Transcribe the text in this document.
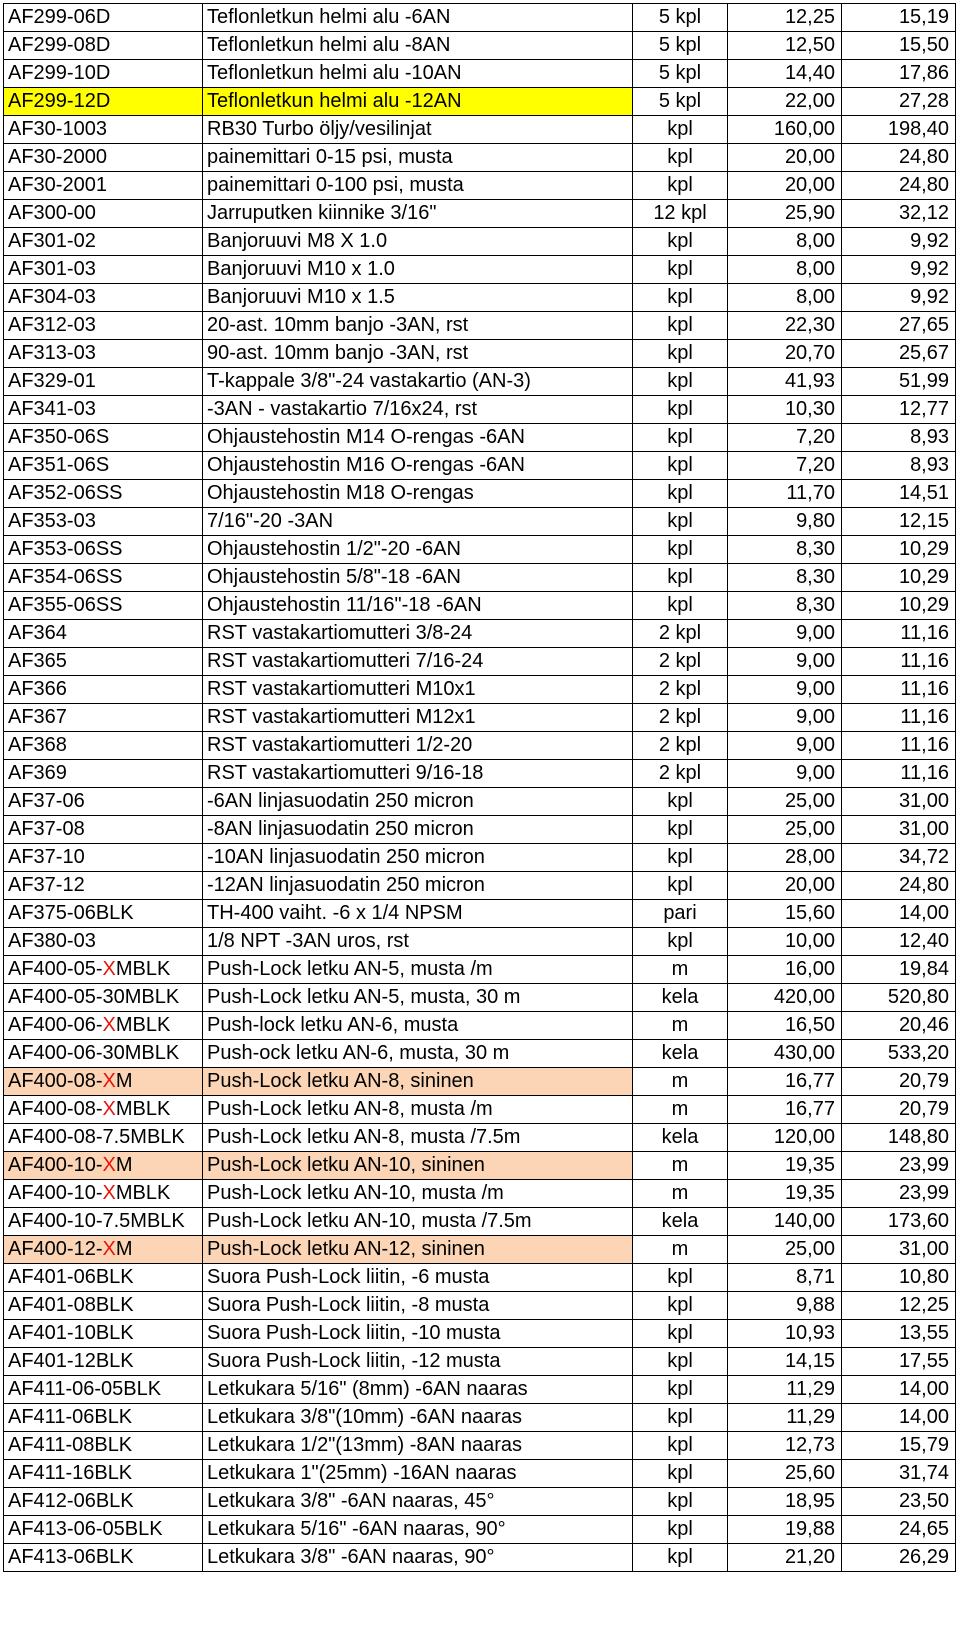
AF299-06D	Teflonletkun helmi alu -6AN	5 kpl	12,25	15,19
AF299-08D	Teflonletkun helmi alu -8AN	5 kpl	12,50	15,50
AF299-10D	Teflonletkun helmi alu -10AN	5 kpl	14,40	17,86
AF299-12D	Teflonletkun helmi alu -12AN	5 kpl	22,00	27,28
AF30-1003	RB30 Turbo öljy/vesilinjat	kpl	160,00	198,40
AF30-2000	painemittari 0-15 psi, musta	kpl	20,00	24,80
AF30-2001	painemittari 0-100 psi, musta	kpl	20,00	24,80
AF300-00	Jarruputken kiinnike 3/16"	12 kpl	25,90	32,12
AF301-02	Banjoruuvi M8 X 1.0	kpl	8,00	9,92
AF301-03	Banjoruuvi M10 x 1.0	kpl	8,00	9,92
AF304-03	Banjoruuvi M10 x 1.5	kpl	8,00	9,92
AF312-03	20-ast. 10mm banjo -3AN, rst	kpl	22,30	27,65
AF313-03	90-ast. 10mm banjo -3AN, rst	kpl	20,70	25,67
AF329-01	T-kappale 3/8"-24 vastakartio (AN-3)	kpl	41,93	51,99
AF341-03	-3AN - vastakartio 7/16x24, rst	kpl	10,30	12,77
AF350-06S	Ohjaustehostin M14 O-rengas -6AN	kpl	7,20	8,93
AF351-06S	Ohjaustehostin M16 O-rengas -6AN	kpl	7,20	8,93
AF352-06SS	Ohjaustehostin M18 O-rengas	kpl	11,70	14,51
AF353-03	7/16"-20 -3AN	kpl	9,80	12,15
AF353-06SS	Ohjaustehostin 1/2"-20 -6AN	kpl	8,30	10,29
AF354-06SS	Ohjaustehostin 5/8"-18 -6AN	kpl	8,30	10,29
AF355-06SS	Ohjaustehostin 11/16"-18 -6AN	kpl	8,30	10,29
AF364	RST vastakartiomutteri 3/8-24	2 kpl	9,00	11,16
AF365	RST vastakartiomutteri 7/16-24	2 kpl	9,00	11,16
AF366	RST vastakartiomutteri M10x1	2 kpl	9,00	11,16
AF367	RST vastakartiomutteri M12x1	2 kpl	9,00	11,16
AF368	RST vastakartiomutteri 1/2-20	2 kpl	9,00	11,16
AF369	RST vastakartiomutteri 9/16-18	2 kpl	9,00	11,16
AF37-06	-6AN linjasuodatin 250 micron	kpl	25,00	31,00
AF37-08	-8AN linjasuodatin 250 micron	kpl	25,00	31,00
AF37-10	-10AN linjasuodatin 250 micron	kpl	28,00	34,72
AF37-12	-12AN linjasuodatin 250 micron	kpl	20,00	24,80
AF375-06BLK	TH-400 vaiht. -6 x 1/4 NPSM	pari	15,60	14,00
AF380-03	1/8 NPT -3AN uros, rst	kpl	10,00	12,40
AF400-05-XMBLK	Push-Lock letku AN-5, musta /m	m	16,00	19,84
AF400-05-30MBLK	Push-Lock letku AN-5, musta, 30 m	kela	420,00	520,80
AF400-06-XMBLK	Push-lock letku AN-6, musta	m	16,50	20,46
AF400-06-30MBLK	Push-ock letku AN-6, musta, 30 m	kela	430,00	533,20
AF400-08-XM	Push-Lock letku AN-8, sininen	m	16,77	20,79
AF400-08-XMBLK	Push-Lock letku AN-8, musta /m	m	16,77	20,79
AF400-08-7.5MBLK	Push-Lock letku AN-8, musta /7.5m	kela	120,00	148,80
AF400-10-XM	Push-Lock letku AN-10, sininen	m	19,35	23,99
AF400-10-XMBLK	Push-Lock letku AN-10, musta /m	m	19,35	23,99
AF400-10-7.5MBLK	Push-Lock letku AN-10, musta /7.5m	kela	140,00	173,60
AF400-12-XM	Push-Lock letku AN-12, sininen	m	25,00	31,00
AF401-06BLK	Suora Push-Lock liitin, -6 musta	kpl	8,71	10,80
AF401-08BLK	Suora Push-Lock liitin, -8 musta	kpl	9,88	12,25
AF401-10BLK	Suora Push-Lock liitin, -10 musta	kpl	10,93	13,55
AF401-12BLK	Suora Push-Lock liitin, -12 musta	kpl	14,15	17,55
AF411-06-05BLK	Letkukara 5/16" (8mm) -6AN naaras	kpl	11,29	14,00
AF411-06BLK	Letkukara 3/8"(10mm) -6AN naaras	kpl	11,29	14,00
AF411-08BLK	Letkukara 1/2"(13mm) -8AN naaras	kpl	12,73	15,79
AF411-16BLK	Letkukara 1"(25mm) -16AN naaras	kpl	25,60	31,74
AF412-06BLK	Letkukara 3/8" -6AN naaras, 45°	kpl	18,95	23,50
AF413-06-05BLK	Letkukara 5/16" -6AN naaras, 90°	kpl	19,88	24,65
AF413-06BLK	Letkukara 3/8" -6AN naaras, 90°	kpl	21,20	26,29
